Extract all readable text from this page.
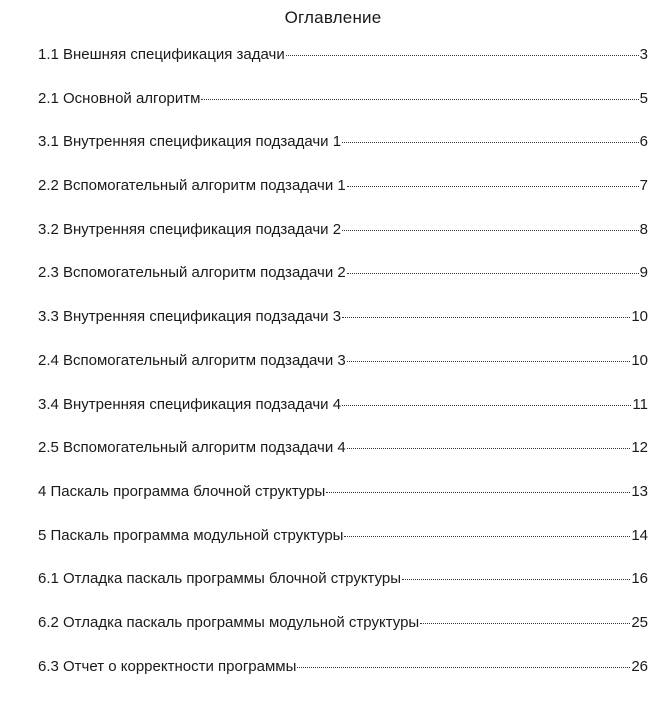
Оглавление
1.1 Внешняя спецификация задачи	3
2.1 Основной алгоритм	5
3.1 Внутренняя спецификация подзадачи 1	6
2.2 Вспомогательный алгоритм подзадачи 1	7
3.2 Внутренняя спецификация подзадачи 2	8
2.3 Вспомогательный алгоритм подзадачи 2	9
3.3 Внутренняя спецификация подзадачи 3	10
2.4 Вспомогательный алгоритм подзадачи 3	10
3.4 Внутренняя спецификация подзадачи 4	11
2.5 Вспомогательный алгоритм подзадачи 4	12
4 Паскаль программа блочной структуры	13
5 Паскаль программа модульной структуры	14
6.1 Отладка паскаль программы блочной структуры	16
6.2 Отладка паскаль программы модульной структуры	25
6.3 Отчет о корректности программы	26
